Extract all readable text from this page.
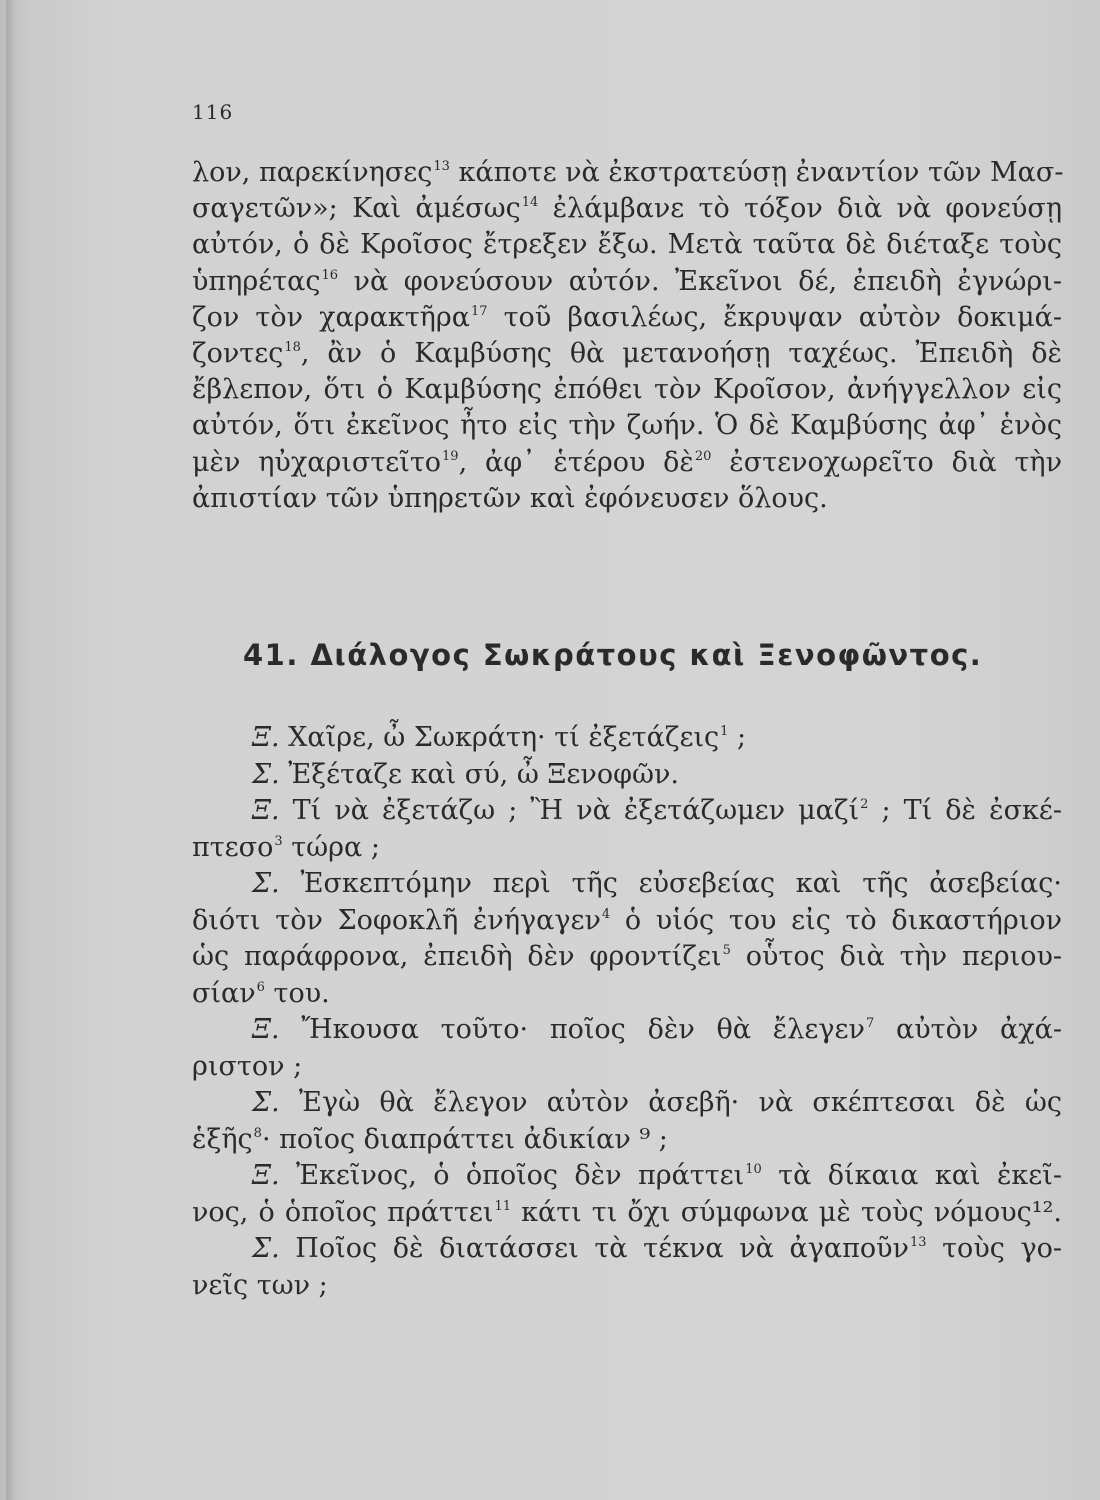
116
λον, παρεκίνησες$^{13}$ κάποτε νὰ ἐκστρατεύσῃ ἐναντίον τῶν Μασ-
σαγετῶν»; Καὶ ἀμέσως$^{14}$ ἐλάμβανε τὸ τόξον διὰ νὰ φονεύσῃ
αὐτόν, ὁ δὲ Κροῖσος ἔτρεξεν ἔξω. Μετὰ ταῦτα δὲ διέταξε τοὺς
ὑπηρέτας$^{16}$ νὰ φονεύσουν αὐτόν. Ἐκεῖνοι δέ, ἐπειδὴ ἐγνώρι-
ζον τὸν χαρακτῆρα$^{17}$ τοῦ βασιλέως, ἔκρυψαν αὐτὸν δοκιμά-
ζοντες$^{18}$, ἂν ὁ Καμβύσης θὰ μετανοήσῃ ταχέως. Ἐπειδὴ δὲ
ἔβλεπον, ὅτι ὁ Καμβύσης ἐπόθει τὸν Κροῖσον, ἀνήγγελλον εἰς
αὐτόν, ὅτι ἐκεῖνος ἦτο εἰς τὴν ζωήν. Ὁ δὲ Καμβύσης ἀφ᾽ ἑνὸς
μὲν ηὐχαριστεῖτο$^{19}$, ἀφ᾽ ἑτέρου δὲ$^{20}$ ἐστενοχωρεῖτο διὰ τὴν
ἀπιστίαν τῶν ὑπηρετῶν καὶ ἐφόνευσεν ὅλους.
41. Διάλογος Σωκράτους καὶ Ξενοφῶντος.
Ξ. Χαῖρε, ὦ Σωκράτη· τί ἐξετάζεις$^1$ ;
Σ. Ἐξέταζε καὶ σύ, ὦ Ξενοφῶν.
Ξ. Τί νὰ ἐξετάζω ; Ἢ νὰ ἐξετάζωμεν μαζί$^2$ ; Τί δὲ ἐσκέ-
πτεσο$^3$ τώρα ;
Σ. Ἐσκεπτόμην περὶ τῆς εὐσεβείας καὶ τῆς ἀσεβείας·
διότι τὸν Σοφοκλῆ ἐνήγαγεν$^4$ ὁ υἱός του εἰς τὸ δικαστήριον
ὡς παράφρονα, ἐπειδὴ δὲν φροντίζει$^5$ οὗτος διὰ τὴν περιου-
σίαν$^6$ του.
Ξ. Ἤκουσα τοῦτο· ποῖος δὲν θὰ ἔλεγεν$^7$ αὐτὸν ἀχά-
ριστον ;
Σ. Ἐγὼ θὰ ἔλεγον αὐτὸν ἀσεβῆ· νὰ σκέπτεσαι δὲ ὡς
ἑξῆς$^8$· ποῖος διαπράττει ἀδικίαν ⁹ ;
Ξ. Ἐκεῖνος, ὁ ὁποῖος δὲν πράττει$^{10}$ τὰ δίκαια καὶ ἐκεῖ-
νος, ὁ ὁποῖος πράττει$^{11}$ κάτι τι ὄχι σύμφωνα μὲ τοὺς νόμους¹².
Σ. Ποῖος δὲ διατάσσει τὰ τέκνα νὰ ἀγαποῦν$^{13}$ τοὺς γο-
νεῖς των ;
